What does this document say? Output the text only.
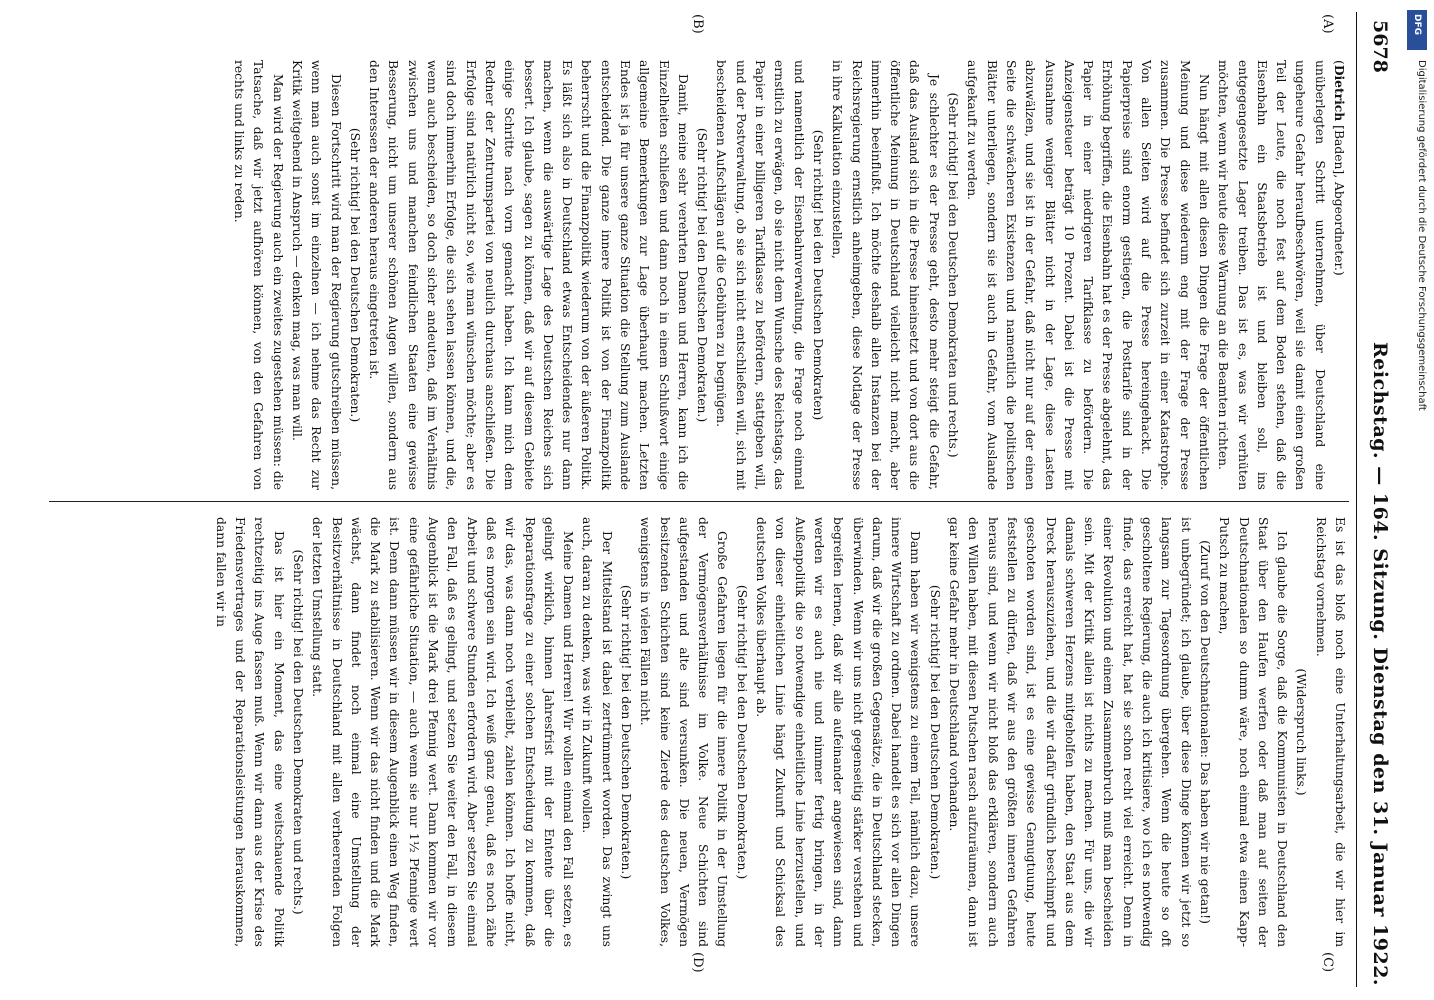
5678
Reichstag. — 164. Sitzung. Dienstag den 31. Januar 1922.
(A)
(B)
(C)
(D)

(Dietrich [Baden], Abgeordneter.)

unüberlegten Schritt unternehmen, über Deutschland eine ungeheure Gefahr heraufbeschwören, weil sie damit einen großen Teil der Leute, die noch fest auf dem Boden stehen, daß die Eisenbahn ein Staatsbetrieb ist und bleiben soll, ins entgegengesetzte Lager treiben. Das ist es, was wir verhüten möchten, wenn wir heute diese Warnung an die Beamten richten.

Nun hängt mit allen diesen Dingen die Frage der öffentlichen Meinung und diese wiederum eng mit der Frage der Presse zusammen. Die Presse befindet sich zurzeit in einer Katastrophe. Von allen Seiten wird auf die Presse hereingehackt. Die Papierpreise sind enorm gestiegen, die Posttarife sind in der Erhöhung begriffen, die Eisenbahn hat es der Presse abgelehnt, das Papier in einer niedrigeren Tarifklasse zu befördern. Die Anzeigensteuer beträgt 10 Prozent. Dabei ist die Presse mit Ausnahme weniger Blätter nicht in der Lage, diese Lasten abzuwälzen, und sie ist in der Gefahr, daß nicht nur auf der einen Seite die schwächeren Existenzen und namentlich die politischen Blätter unterliegen, sondern sie ist auch in Gefahr, vom Auslande aufgekauft zu werden.

(Sehr richtig! bei den Deutschen Demokraten und rechts.)

Je schlechter es der Presse geht, desto mehr steigt die Gefahr, daß das Ausland sich in die Presse hineinsetzt und von dort aus die öffentliche Meinung in Deutschland vielleicht nicht macht, aber immerhin beeinflußt. Ich möchte deshalb allen Instanzen bei der Reichsregierung ernstlich anheimgeben, diese Notlage der Presse in ihre Kalkulation einzustellen,

(Sehr richtig! bei den Deutschen Demokraten)

und namentlich der Eisenbahnverwaltung, die Frage noch einmal ernstlich zu erwägen, ob sie nicht dem Wunsche des Reichstags, das Papier in einer billigeren Tarifklasse zu befördern, stattgeben will, und der Postverwaltung, ob sie sich nicht entschließen will, sich mit bescheidenen Aufschlägen auf die Gebühren zu begnügen.

(Sehr richtig! bei den Deutschen Demokraten.)

Damit, meine sehr verehrten Damen und Herren, kann ich die Einzelheiten schließen und dann noch in einem Schlußwort einige allgemeine Bemerkungen zur Lage überhaupt machen. Letzten Endes ist ja für unsere ganze Situation die Stellung zum Auslande entscheidend. Die ganze innere Politik ist von der Finanzpolitik beherrscht und die Finanzpolitik wiederum von der äußeren Politik. Es läßt sich also in Deutschland etwas Entscheidendes nur dann machen, wenn die auswärtige Lage des Deutschen Reiches sich bessert. Ich glaube, sagen zu können, daß wir auf diesem Gebiete einige Schritte nach vorn gemacht haben. Ich kann mich dem Redner der Zentrumspartei von neulich durchaus anschließen. Die Erfolge sind natürlich nicht so, wie man wünschen möchte; aber es sind doch immerhin Erfolge, die sich sehen lassen können, und die, wenn auch bescheiden, so doch sicher andeuten, daß im Verhältnis zwischen uns und manchen feindlichen Staaten eine gewisse Besserung, nicht um unserer schönen Augen willen, sondern aus den Interessen der anderen heraus eingetreten ist.

(Sehr richtig! bei den Deutschen Demokraten.)

Diesen Fortschritt wird man der Regierung gutschreiben müssen, wenn man auch sonst im einzelnen — ich nehme das Recht zur Kritik weitgehend in Anspruch — denken mag, was man will.

Man wird der Regierung auch ein zweites zugestehen müssen: die Tatsache, daß wir jetzt aufhören können, von den Gefahren von rechts und links zu reden.

Es ist das bloß noch eine Unterhaltungsarbeit, die wir hier im Reichstag vornehmen.

(Widerspruch links.)

Ich glaube die Sorge, daß die Kommunisten in Deutschland den Staat über den Haufen werfen oder daß man auf seiten der Deutschnationalen so dumm wäre, noch einmal etwa einen Kapp-Putsch zu machen,

(Zuruf von den Deutschnationalen: Das haben wir nie getan!)

ist unbegründet; ich glaube, über diese Dinge können wir jetzt so langsam zur Tagesordnung übergehen. Wenn die heute so oft gescholtene Regierung, die auch ich kritisiere, wo ich es notwendig finde, das erreicht hat, hat sie schon recht viel erreicht. Denn in einer Revolution und einem Zusammenbruch muß man bescheiden sein. Mit der Kritik allein ist nichts zu machen. Für uns, die wir damals schweren Herzens mitgeholfen haben, den Staat aus dem Dreck herauszuziehen, und die wir dafür gründlich beschimpft und geschoten worden sind, ist es eine gewisse Genugtuung, heute feststellen zu dürfen, daß wir aus den größten inneren Gefahren heraus sind, und wenn wir nicht bloß das erklären, sondern auch den Willen haben, mit diesen Putschen rasch aufzuräumen, dann ist gar keine Gefahr mehr in Deutschland vorhanden.

(Sehr richtig! bei den Deutschen Demokraten.)

Dann haben wir wenigstens zu einem Teil, nämlich dazu, unsere innere Wirtschaft zu ordnen. Dabei handelt es sich vor allen Dingen darum, daß wir die großen Gegensätze, die in Deutschland stecken, überwinden. Wenn wir uns nicht gegenseitig stärker verstehen und begreifen lernen, daß wir alle aufeinander angewiesen sind, dann werden wir es auch nie und nimmer fertig bringen, in der Außenpolitik die so notwendige einheitliche Linie herzustellen, und von dieser einheitlichen Linie hängt Zukunft und Schicksal des deutschen Volkes überhaupt ab.

(Sehr richtig! bei den Deutschen Demokraten.)

Große Gefahren liegen für die innere Politik in der Umstellung der Vermögensverhältnisse im Volke. Neue Schichten sind aufgestanden und alte sind versunken. Die neuen, Vermögen besitzenden Schichten sind keine Zierde des deutschen Volkes, wenigstens in vielen Fällen nicht.

(Sehr richtig! bei den Deutschen Demokraten.)

Der Mittelstand ist dabei zertrümmert worden. Das zwingt uns auch, daran zu denken, was wir in Zukunft wollen.

Meine Damen und Herren! Wir wollen einmal den Fall setzen, es gelingt wirklich, binnen Jahresfrist mit der Entente über die Reparationsfrage zu einer solchen Entscheidung zu kommen, daß wir das, was dann noch verbleibt, zahlen können. Ich hoffe nicht, daß es morgen sein wird. Ich weiß ganz genau, daß es noch zähe Arbeit und schwere Stunden erfordern wird. Aber setzen Sie einmal den Fall, daß es gelingt, und setzen Sie weiter den Fall, in diesem Augenblick ist die Mark drei Pfennig wert. Dann kommen wir vor eine gefährliche Situation, — auch wenn sie nur 1½ Pfennige wert ist. Denn dann müssen wir in diesem Augenblick einen Weg finden, die Mark zu stabilisieren. Wenn wir das nicht finden und die Mark wächst, dann findet noch einmal eine Umstellung der Besitzverhältnisse in Deutschland mit allen verheerenden Folgen der letzten Umstellung statt.

(Sehr richtig! bei den Deutschen Demokraten und rechts.)

Das ist hier ein Moment, das eine weitschauende Politik rechtzeitig ins Auge fassen muß. Wenn wir dann aus der Krise des Friedensvertrages und der Reparationsleistungen herauskommen, dann fallen wir in

DFG
Digitalisierung gefördert durch die Deutsche Forschungsgemeinschaft
